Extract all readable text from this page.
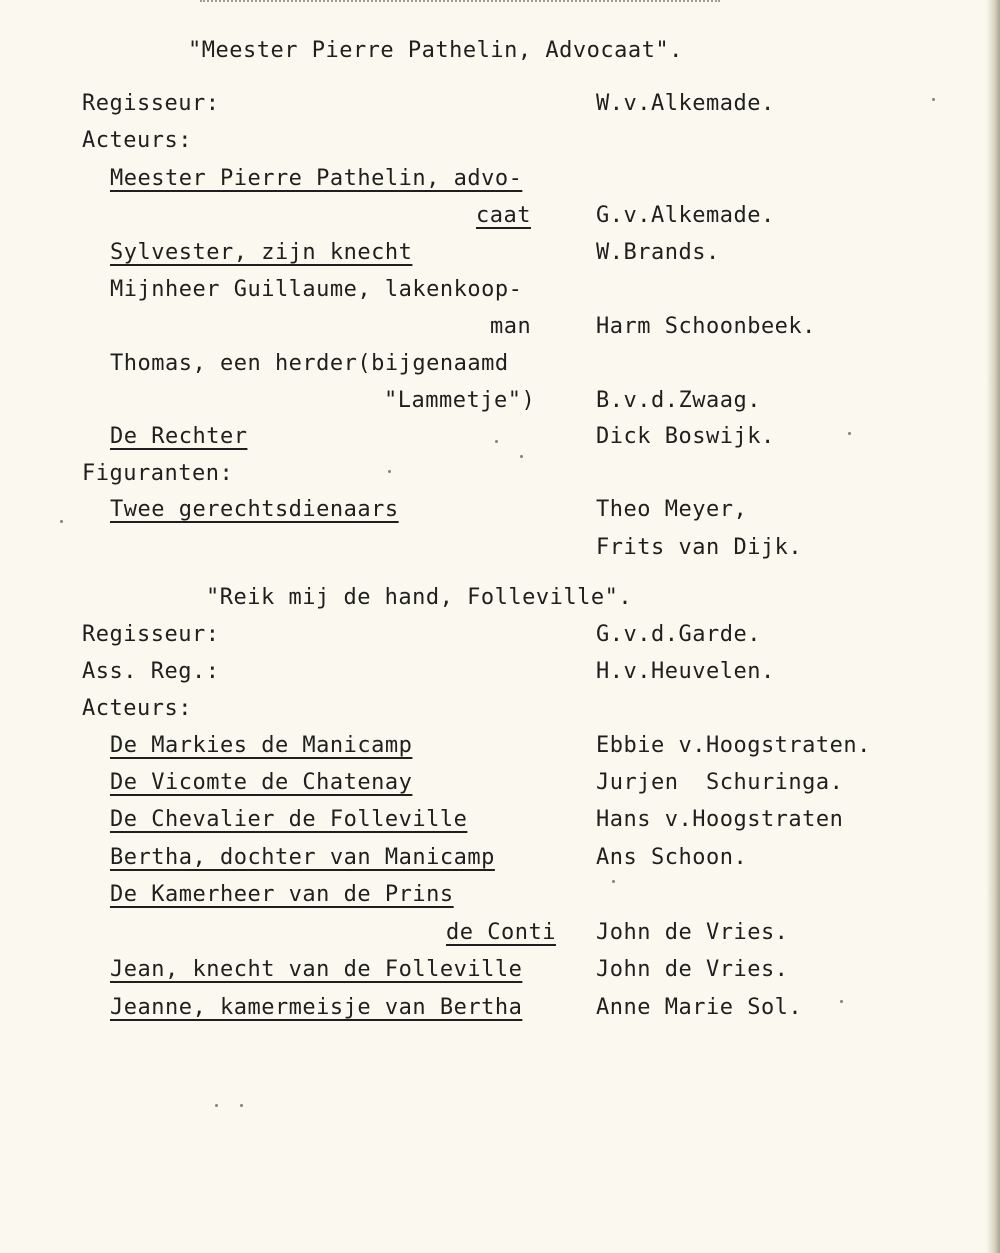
"Meester Pierre Pathelin, Advocaat".
Regisseur:	W.v.Alkemade.
Acteurs:
Meester Pierre Pathelin, advo-
caat	G.v.Alkemade.
Sylvester, zijn knecht	W.Brands.
Mijnheer Guillaume, lakenkoop-
man	Harm Schoonbeek.
Thomas, een herder(bijgenaamd
"Lammetje")	B.v.d.Zwaag.
De Rechter	Dick Boswijk.
Figuranten:
Twee gerechtsdienaars	Theo Meyer,
Frits van Dijk.
"Reik mij de hand, Folleville".
Regisseur:	G.v.d.Garde.
Ass. Reg.:	H.v.Heuvelen.
Acteurs:
De Markies de Manicamp	Ebbie v.Hoogstraten.
De Vicomte de Chatenay	Jurjen  Schuringa.
De Chevalier de Folleville	Hans v.Hoogstraten
Bertha, dochter van Manicamp	Ans Schoon.
De Kamerheer van de Prins
de Conti John de Vries.
Jean, knecht van de Folleville	John de Vries.
Jeanne, kamermeisje van Bertha	Anne Marie Sol.
